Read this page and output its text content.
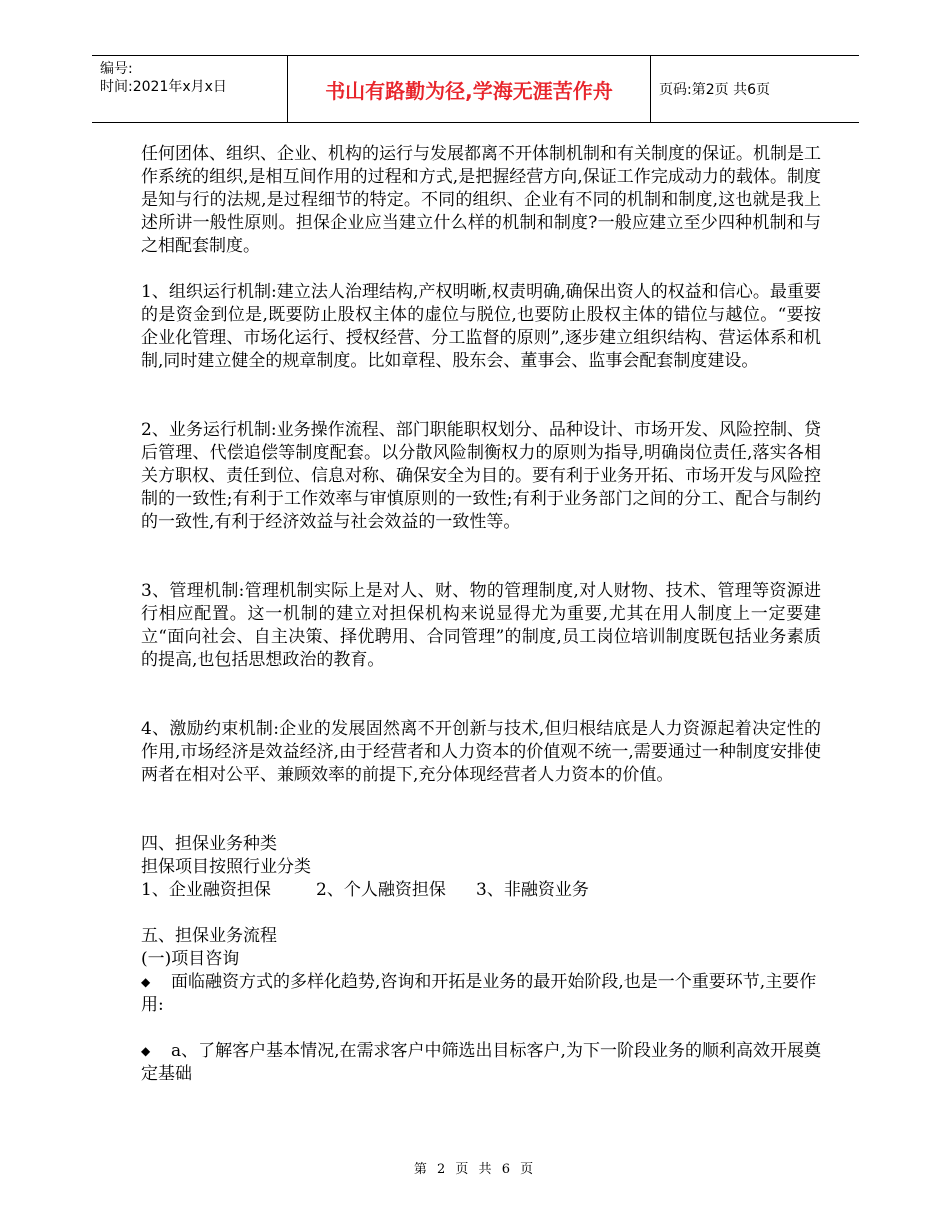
编号:
时间:2021年x月x日	书山有路勤为径,学海无涯苦作舟	页码:第2页 共6页

任何团体、组织、企业、机构的运行与发展都离不开体制机制和有关制度的保证。机制是工作系统的组织,是相互间作用的过程和方式,是把握经营方向,保证工作完成动力的载体。制度是知与行的法规,是过程细节的特定。不同的组织、企业有不同的机制和制度,这也就是我上述所讲一般性原则。担保企业应当建立什么样的机制和制度?一般应建立至少四种机制和与之相配套制度。

1、组织运行机制:建立法人治理结构,产权明晰,权责明确,确保出资人的权益和信心。最重要的是资金到位是,既要防止股权主体的虚位与脱位,也要防止股权主体的错位与越位。“要按企业化管理、市场化运行、授权经营、分工监督的原则”,逐步建立组织结构、营运体系和机制,同时建立健全的规章制度。比如章程、股东会、董事会、监事会配套制度建设。

2、业务运行机制:业务操作流程、部门职能职权划分、品种设计、市场开发、风险控制、贷后管理、代偿追偿等制度配套。以分散风险制衡权力的原则为指导,明确岗位责任,落实各相关方职权、责任到位、信息对称、确保安全为目的。要有利于业务开拓、市场开发与风险控制的一致性;有利于工作效率与审慎原则的一致性;有利于业务部门之间的分工、配合与制约的一致性,有利于经济效益与社会效益的一致性等。

3、管理机制:管理机制实际上是对人、财、物的管理制度,对人财物、技术、管理等资源进行相应配置。这一机制的建立对担保机构来说显得尤为重要,尤其在用人制度上一定要建立“面向社会、自主决策、择优聘用、合同管理”的制度,员工岗位培训制度既包括业务素质的提高,也包括思想政治的教育。

4、激励约束机制:企业的发展固然离不开创新与技术,但归根结底是人力资源起着决定性的作用,市场经济是效益经济,由于经营者和人力资本的价值观不统一,需要通过一种制度安排使两者在相对公平、兼顾效率的前提下,充分体现经营者人力资本的价值。

四、担保业务种类

担保项目按照行业分类

1、企业融资担保	2、个人融资担保 3、非融资业务

五、担保业务流程

(一)项目咨询

◆ 面临融资方式的多样化趋势,咨询和开拓是业务的最开始阶段,也是一个重要环节,主要作用:

◆ a、了解客户基本情况,在需求客户中筛选出目标客户,为下一阶段业务的顺利高效开展奠定基础

第 2 页 共 6 页
